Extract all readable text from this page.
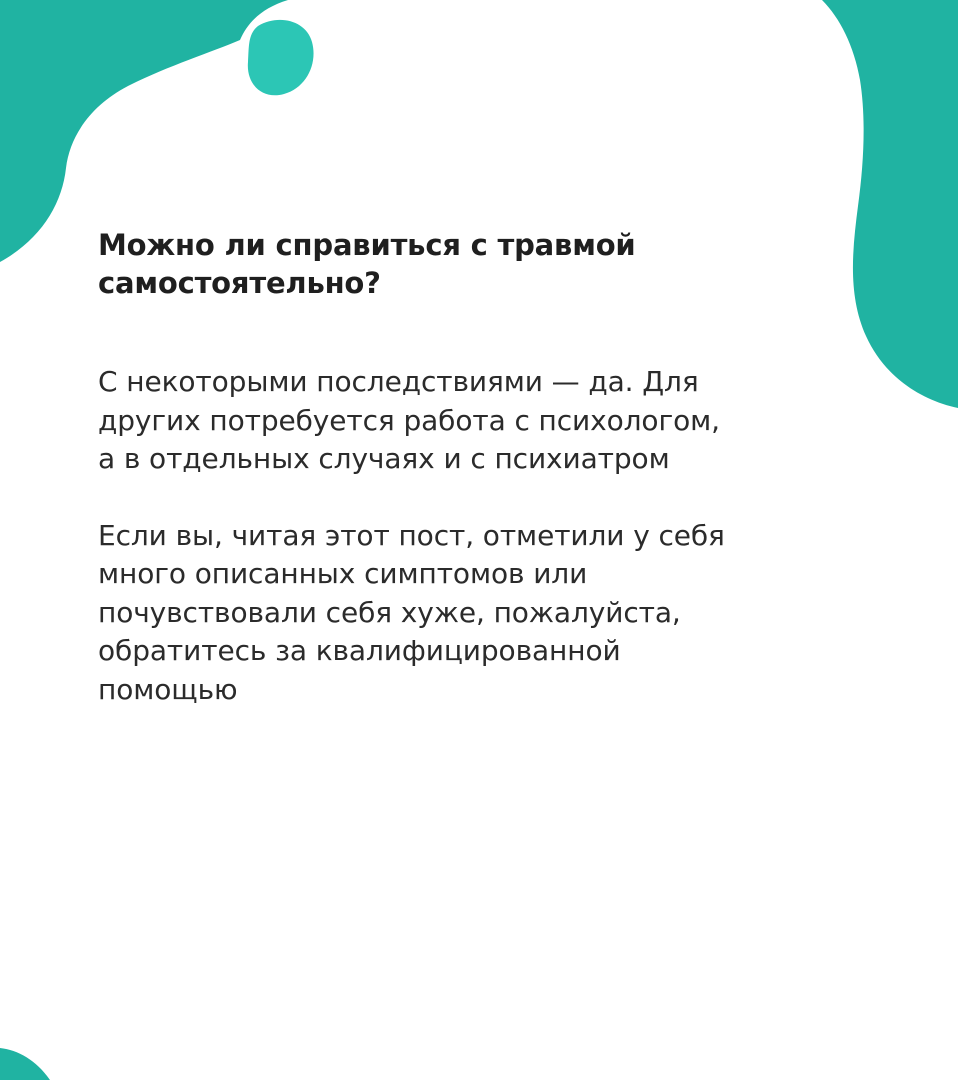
Можно ли справиться с травмой
самостоятельно?

С некоторыми последствиями — да. Для
других потребуется работа с психологом,
а в отдельных случаях и с психиатром

Если вы, читая этот пост, отметили у себя
много описанных симптомов или
почувствовали себя хуже, пожалуйста,
обратитесь за квалифицированной
помощью
